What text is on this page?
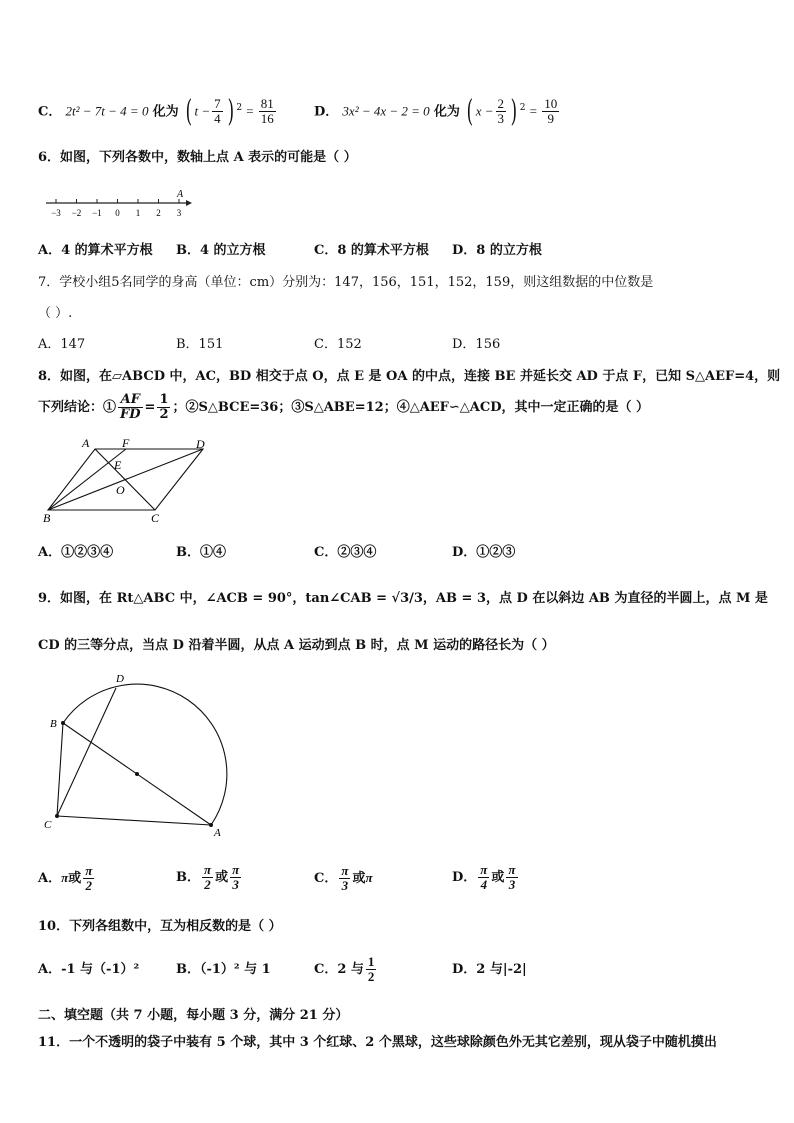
C． 2t² − 7t − 4 = 0 化为 ( $t - \frac{7}{4}$ ) $^2 = \frac{81}{16}$	D． 3x² − 4x − 2 = 0 化为 ( $x - \frac{2}{3}$ ) $^2 = \frac{10}{9}$
6．如图，下列各数中，数轴上点 A 表示的可能是（ ）
−3 −2 −1 0 1 2 3
A
A．4 的算术平方根 B．4 的立方根	C．8 的算术平方根 D．8 的立方根
7．学校小组5名同学的身高（单位：cm）分别为：147，156，151，152，159，则这组数据的中位数是
（ ）.
A．147	B．151	C．152	D．156
8．如图，在▱ABCD 中，AC，BD 相交于点 O，点 E 是 OA 的中点，连接 BE 并延长交 AD 于点 F，已知 S△AEF=4，则
下列结论：① $\frac{AF}{FD} = \frac{1}{2}$ ；②S△BCE=36；③S△ABE=12；④△AEF∽△ACD，其中一定正确的是（ ）
A	F	D
E
O
B	C
A．①②③④	B．①④	C．②③④	D．①②③
9．如图，在 Rt△ABC 中，∠ACB = 90°，tan∠CAB = √3/3，AB = 3，点 D 在以斜边 AB 为直径的半圆上，点 M 是
CD 的三等分点，当点 D 沿着半圆，从点 A 运动到点 B 时，点 M 运动的路径长为（ ）
D
B
C
A
A．π或 $\frac{\pi}{2}$	B． $\frac{\pi}{2}$ 或 $\frac{\pi}{3}$	C． $\frac{\pi}{3}$ 或π	D． $\frac{\pi}{4}$ 或 $\frac{\pi}{3}$
10．下列各组数中，互为相反数的是（ ）
A．-1 与（-1）²	B．（-1）² 与 1	C．2 与 $\frac{1}{2}$	D．2 与|-2|
二、填空题（共 7 小题，每小题 3 分，满分 21 分）
11．一个不透明的袋子中装有 5 个球，其中 3 个红球、2 个黑球，这些球除颜色外无其它差别，现从袋子中随机摸出
